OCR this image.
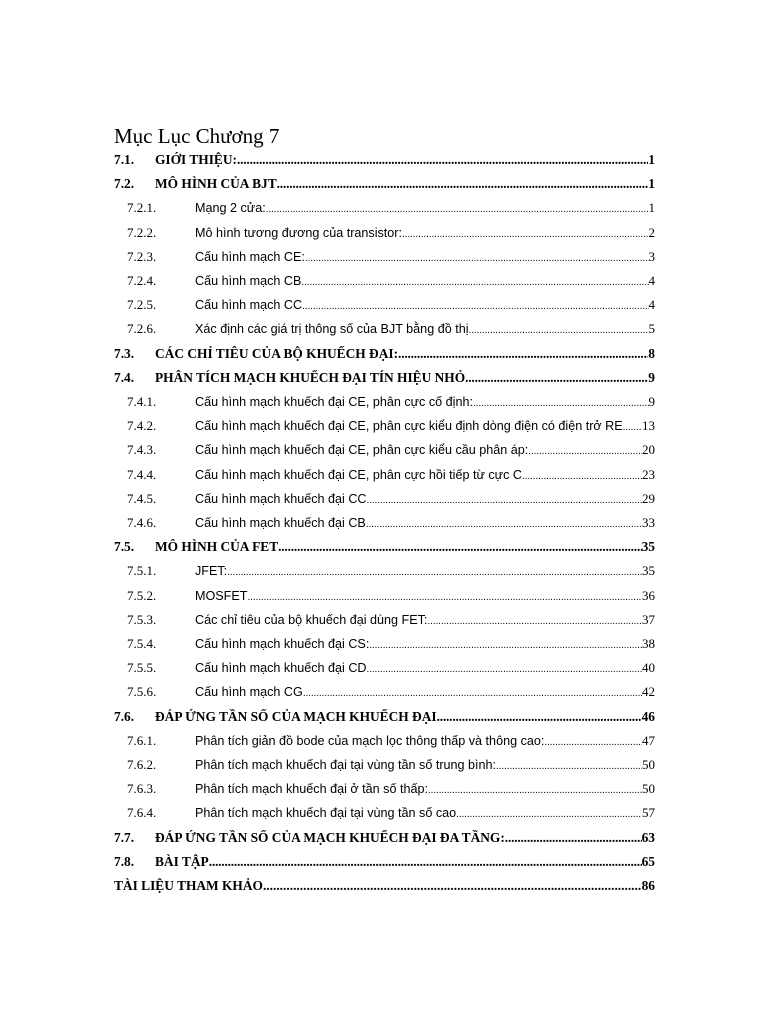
Mục Lục Chương 7
7.1.	GIỚI THIỆU: .....	1
7.2.	MÔ HÌNH CỦA BJT .....	1
7.2.1.	Mạng 2 cửa: .....	1
7.2.2.	Mô hình tương đương của transistor: .....	2
7.2.3.	Cấu hình mạch CE: .....	3
7.2.4.	Cấu hình mạch CB .....	4
7.2.5.	Cấu hình mạch CC .....	4
7.2.6.	Xác định các giá trị thông số của BJT bằng đồ thị .....	5
7.3.	CÁC CHỈ TIÊU CỦA BỘ KHUẾCH ĐẠI: .....	8
7.4.	PHÂN TÍCH MẠCH KHUẾCH ĐẠI TÍN HIỆU NHỎ .....	9
7.4.1.	Cấu hình mạch khuếch đại CE, phân cực cố định: .....	9
7.4.2.	Cấu hình mạch khuếch đại CE, phân cực kiểu định dòng điện có điện trở RE ..... 13
7.4.3.	Cấu hình mạch khuếch đại CE, phân cực kiểu cầu phân áp: .....	20
7.4.4.	Cấu hình mạch khuếch đại CE, phân cực hồi tiếp từ cực C .....	23
7.4.5.	Cấu hình mạch khuếch đại CC .....	29
7.4.6.	Cấu hình mạch khuếch đại CB .....	33
7.5.	MÔ HÌNH CỦA FET .....	35
7.5.1.	JFET: .....	35
7.5.2.	MOSFET .....	36
7.5.3.	Các chỉ tiêu của bộ khuếch đại dùng FET: .....	37
7.5.4.	Cấu hình mạch khuếch đại CS: .....	38
7.5.5.	Cấu hình mạch khuếch đại CD .....	40
7.5.6.	Cấu hình mạch CG .....	42
7.6.	ĐÁP ỨNG TẦN SỐ CỦA MẠCH KHUẾCH ĐẠI .....	46
7.6.1.	Phân tích giản đồ bode của mạch lọc thông thấp và thông cao: .....	47
7.6.2.	Phân tích mạch khuếch đại tại vùng tần số trung bình: .....	50
7.6.3.	Phân tích mạch khuếch đại ở tần số thấp: .....	50
7.6.4.	Phân tích mạch khuếch đại tại vùng tần số cao .....	57
7.7.	ĐÁP ỨNG TẦN SỐ CỦA MẠCH KHUẾCH ĐẠI ĐA TẦNG: .....	63
7.8.	BÀI TẬP .....	65
TÀI LIỆU THAM KHẢO .....	86
